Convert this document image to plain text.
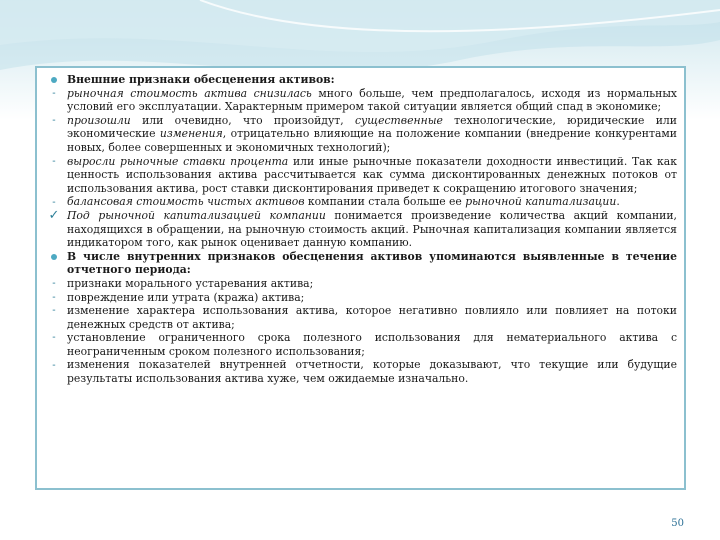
Внешние признаки обесценения активов:
- рыночная стоимость актива снизилась много больше, чем предполагалось, исходя из нормальных условий его эксплуатации. Характерным примером такой ситуации является общий спад в экономике;
- произошли или очевидно, что произойдут, существенные технологические, юридические или экономические изменения, отрицательно влияющие на положение компании (внедрение конкурентами новых, более совершенных и экономичных технологий);
- выросли рыночные ставки процента или иные рыночные показатели доходности инвестиций. Так как ценность использования актива рассчитывается как сумма дисконтированных денежных потоков от использования актива, рост ставки дисконтирования приведет к сокращению итогового значения;
- балансовая стоимость чистых активов компании стала больше ее рыночной капитализации.
✓ Под рыночной капитализацией компании понимается произведение количества акций компании, находящихся в обращении, на рыночную стоимость акций. Рыночная капитализация компании является индикатором того, как рынок оценивает данную компанию.
В числе внутренних признаков обесценения активов упоминаются выявленные в течение отчетного периода:
- признаки морального устаревания актива;
- повреждение или утрата (кража) актива;
- изменение характера использования актива, которое негативно повлияло или повлияет на потоки денежных средств от актива;
- установление ограниченного срока полезного использования для нематериального актива с неограниченным сроком полезного использования;
- изменения показателей внутренней отчетности, которые доказывают, что текущие или будущие результаты использования актива хуже, чем ожидаемые изначально.
50
